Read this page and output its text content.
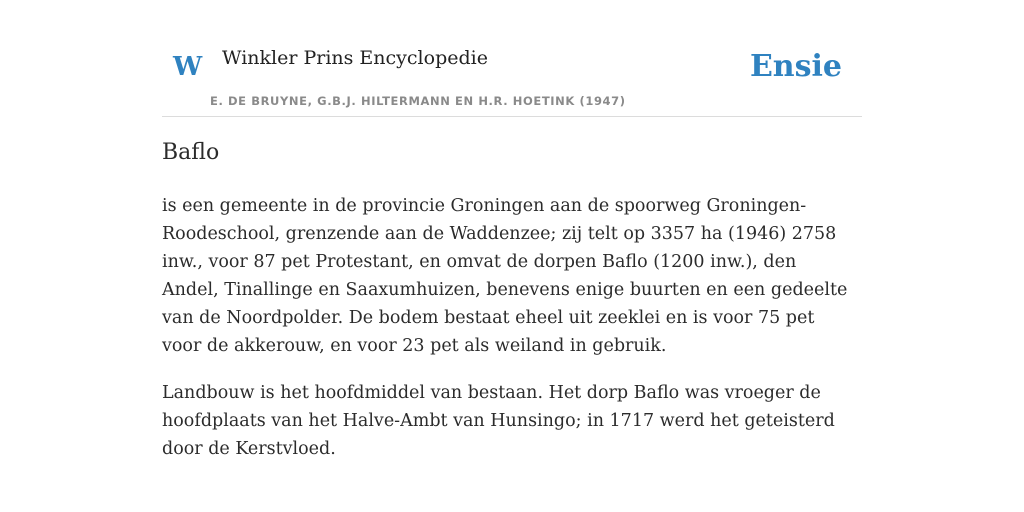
W Winkler Prins Encyclopedie
E. DE BRUYNE, G.B.J. HILTERMANN EN H.R. HOETINK (1947)
Ensie
Baflo

is een gemeente in de provincie Groningen aan de spoorweg Groningen-Roodeschool, grenzende aan de Waddenzee; zij telt op 3357 ha (1946) 2758 inw., voor 87 pet Protestant, en omvat de dorpen Baflo (1200 inw.), den Andel, Tinallinge en Saaxumhuizen, benevens enige buurten en een gedeelte van de Noordpolder. De bodem bestaat eheel uit zeeklei en is voor 75 pet voor de akkerouw, en voor 23 pet als weiland in gebruik.

Landbouw is het hoofdmiddel van bestaan. Het dorp Baflo was vroeger de hoofdplaats van het Halve-Ambt van Hunsingo; in 1717 werd het geteisterd door de Kerstvloed.
